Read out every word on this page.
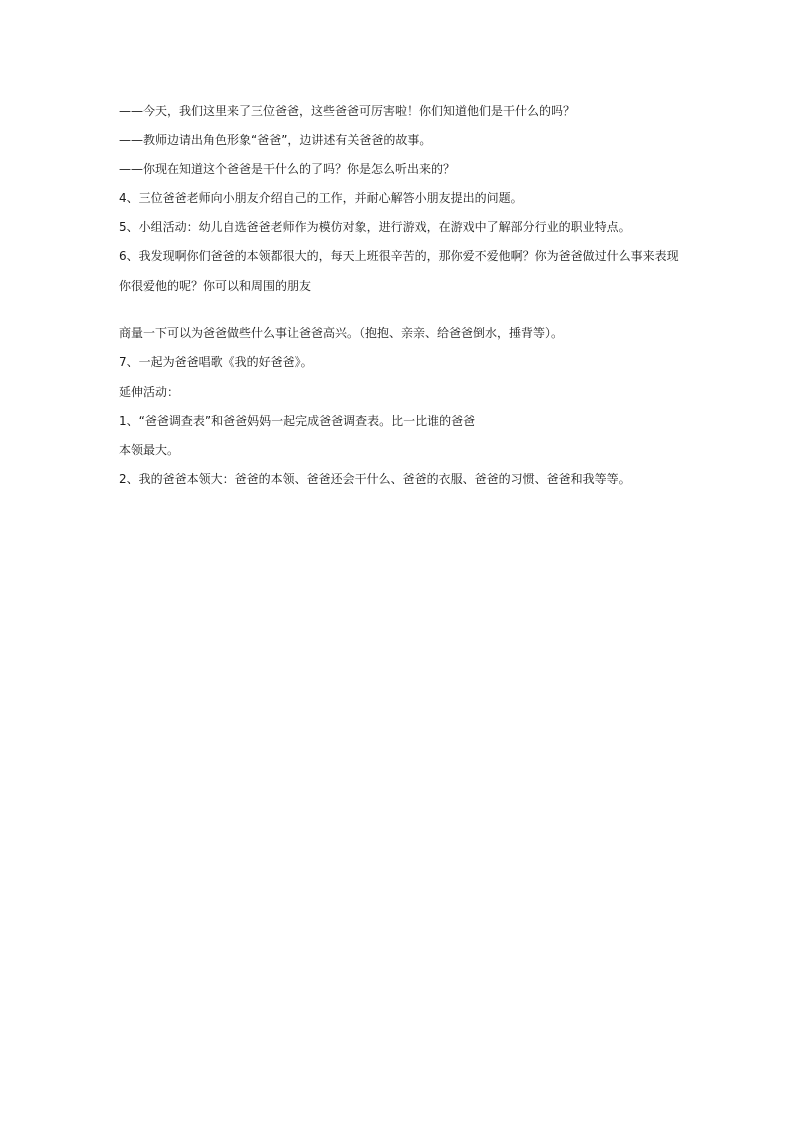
——今天，我们这里来了三位爸爸，这些爸爸可厉害啦！你们知道他们是干什么的吗？
——教师边请出角色形象“爸爸”，边讲述有关爸爸的故事。
——你现在知道这个爸爸是干什么的了吗？你是怎么听出来的？
4、三位爸爸老师向小朋友介绍自己的工作，并耐心解答小朋友提出的问题。
5、小组活动：幼儿自选爸爸老师作为模仿对象，进行游戏，在游戏中了解部分行业的职业特点。
6、我发现啊你们爸爸的本领都很大的，每天上班很辛苦的，那你爱不爱他啊？你为爸爸做过什么事来表现
你很爱他的呢？你可以和周围的朋友
商量一下可以为爸爸做些什么事让爸爸高兴。（抱抱、亲亲、给爸爸倒水，捶背等）。
7、一起为爸爸唱歌《我的好爸爸》。
延伸活动：
1、“爸爸调查表”和爸爸妈妈一起完成爸爸调查表。比一比谁的爸爸
本领最大。
2、我的爸爸本领大：爸爸的本领、爸爸还会干什么、爸爸的衣服、爸爸的习惯、爸爸和我等等。
